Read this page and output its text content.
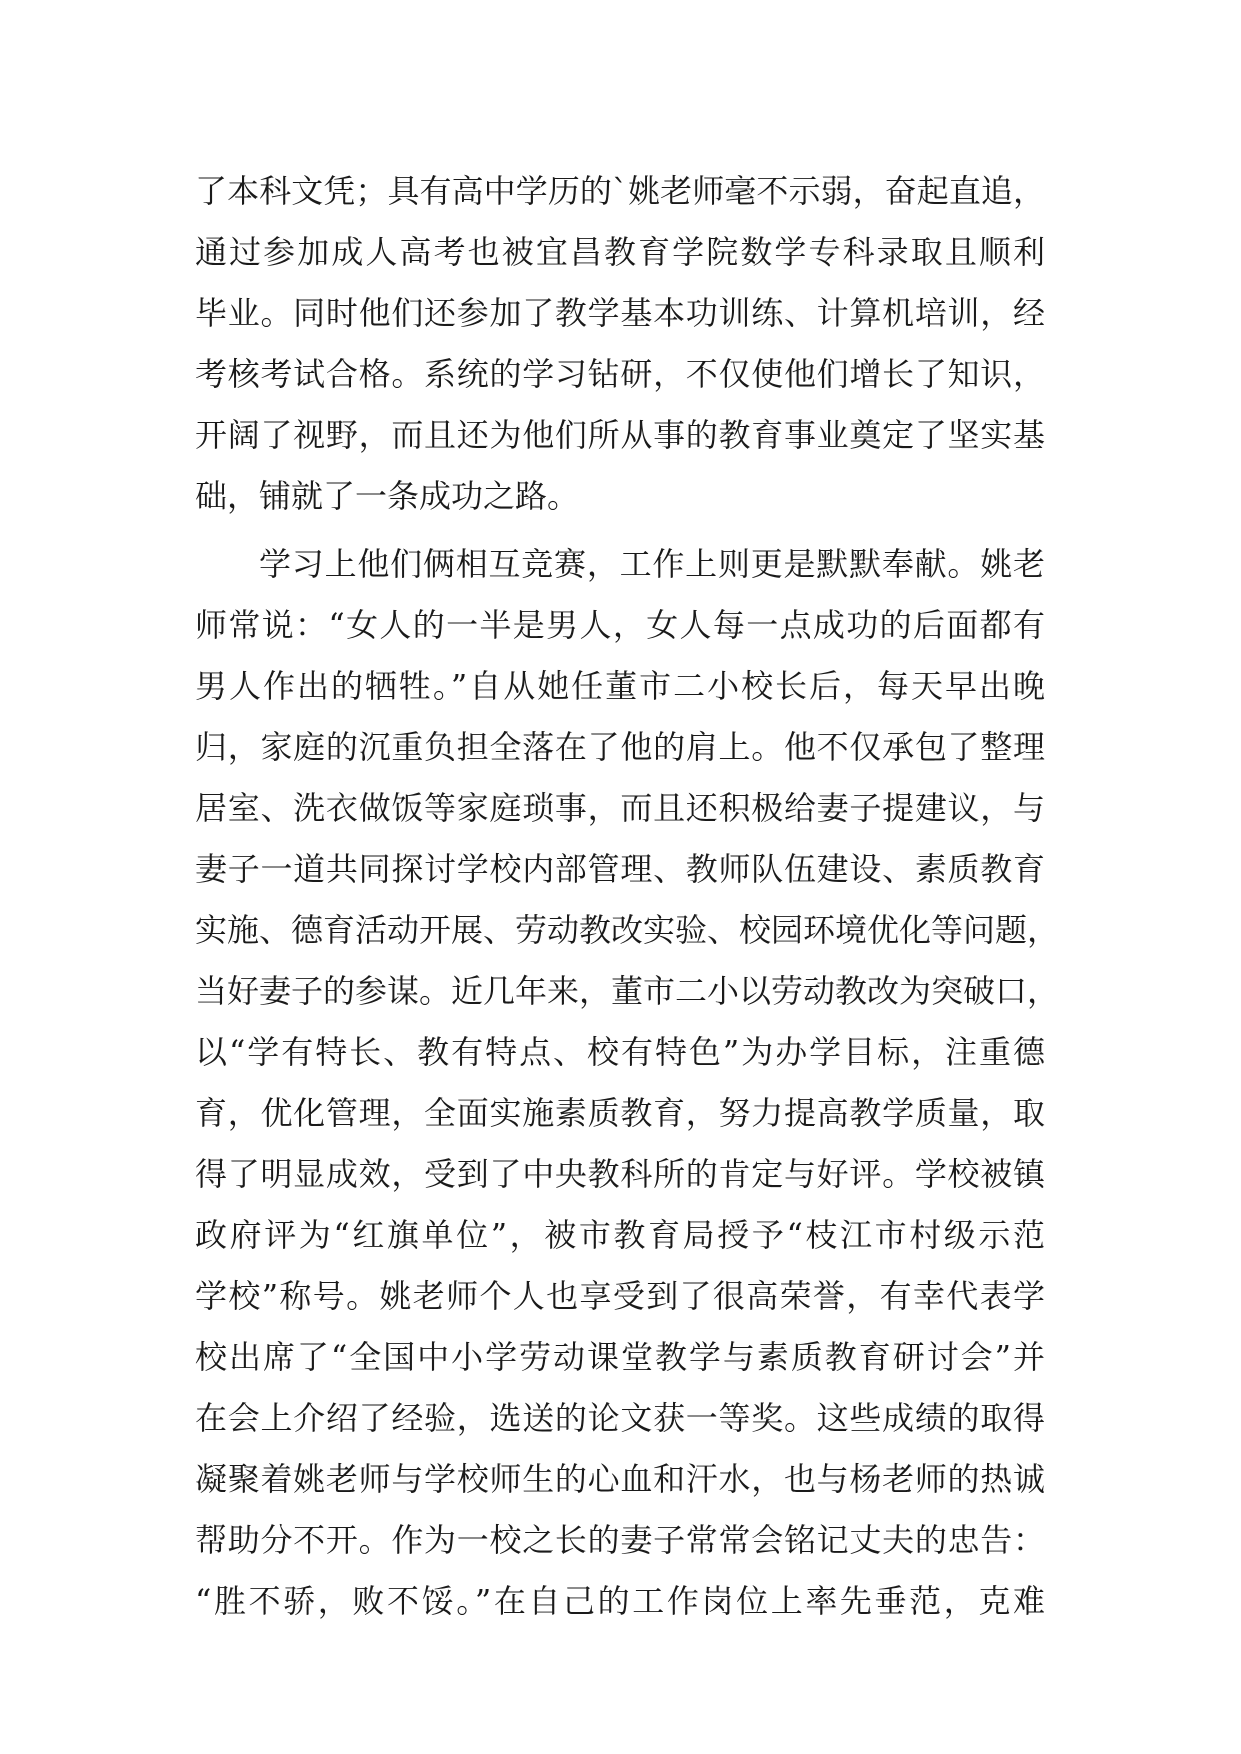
了本科文凭；具有高中学历的`姚老师毫不示弱，奋起直追，
通过参加成人高考也被宜昌教育学院数学专科录取且顺利
毕业。同时他们还参加了教学基本功训练、计算机培训，经
考核考试合格。系统的学习钻研，不仅使他们增长了知识，
开阔了视野，而且还为他们所从事的教育事业奠定了坚实基
础，铺就了一条成功之路。
学习上他们俩相互竞赛，工作上则更是默默奉献。姚老
师常说：“女人的一半是男人，女人每一点成功的后面都有
男人作出的牺牲。”自从她任董市二小校长后，每天早出晚
归，家庭的沉重负担全落在了他的肩上。他不仅承包了整理
居室、洗衣做饭等家庭琐事，而且还积极给妻子提建议，与
妻子一道共同探讨学校内部管理、教师队伍建设、素质教育
实施、德育活动开展、劳动教改实验、校园环境优化等问题，
当好妻子的参谋。近几年来，董市二小以劳动教改为突破口，
以“学有特长、教有特点、校有特色”为办学目标，注重德
育，优化管理，全面实施素质教育，努力提高教学质量，取
得了明显成效，受到了中央教科所的肯定与好评。学校被镇
政府评为“红旗单位”，被市教育局授予“枝江市村级示范
学校”称号。姚老师个人也享受到了很高荣誉，有幸代表学
校出席了“全国中小学劳动课堂教学与素质教育研讨会”并
在会上介绍了经验，选送的论文获一等奖。这些成绩的取得
凝聚着姚老师与学校师生的心血和汗水，也与杨老师的热诚
帮助分不开。作为一校之长的妻子常常会铭记丈夫的忠告：
“胜不骄，败不馁。”在自己的工作岗位上率先垂范，克难
